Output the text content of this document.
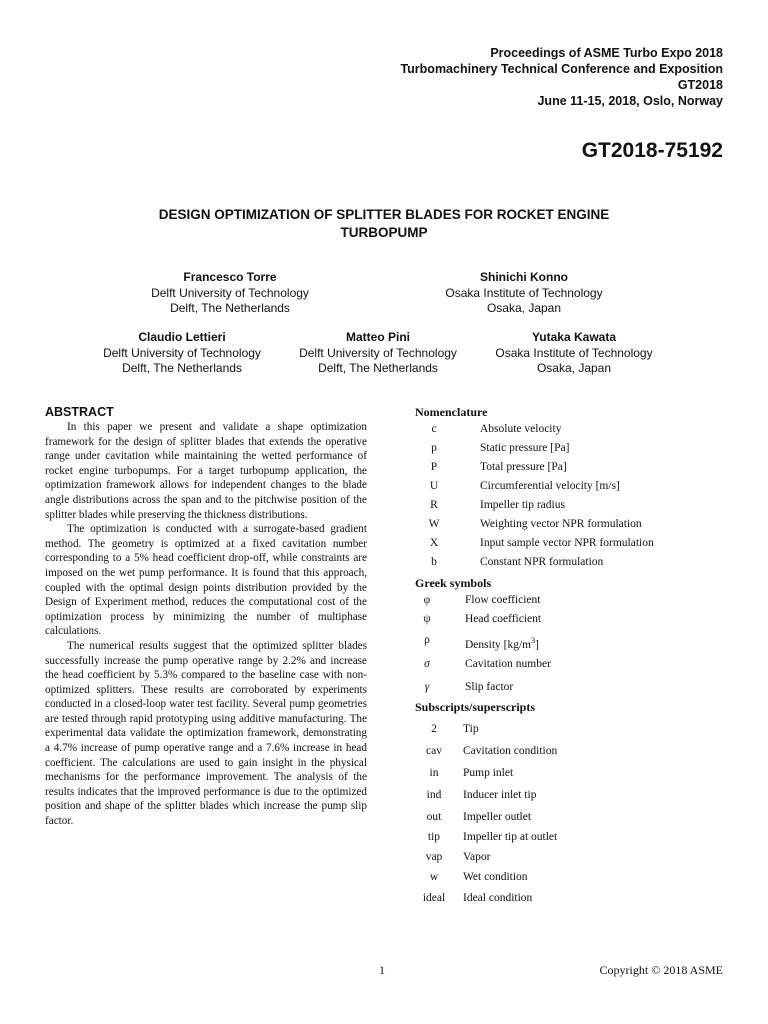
Proceedings of ASME Turbo Expo 2018
Turbomachinery Technical Conference and Exposition
GT2018
June 11-15, 2018, Oslo, Norway
GT2018-75192
DESIGN OPTIMIZATION OF SPLITTER BLADES FOR ROCKET ENGINE
TURBOPUMP
Francesco Torre
Delft University of Technology
Delft, The Netherlands
Shinichi Konno
Osaka Institute of Technology
Osaka, Japan
Claudio Lettieri
Delft University of Technology
Delft, The Netherlands
Matteo Pini
Delft University of Technology
Delft, The Netherlands
Yutaka Kawata
Osaka Institute of Technology
Osaka, Japan
ABSTRACT

In this paper we present and validate a shape optimization framework for the design of splitter blades that extends the operative range under cavitation while maintaining the wetted performance of rocket engine turbopumps. For a target turbopump application, the optimization framework allows for independent changes to the blade angle distributions across the span and to the pitchwise position of the splitter blades while preserving the thickness distributions.

The optimization is conducted with a surrogate-based gradient method. The geometry is optimized at a fixed cavitation number corresponding to a 5% head coefficient drop-off, while constraints are imposed on the wet pump performance. It is found that this approach, coupled with the optimal design points distribution provided by the Design of Experiment method, reduces the computational cost of the optimization process by minimizing the number of multiphase calculations.

The numerical results suggest that the optimized splitter blades successfully increase the pump operative range by 2.2% and increase the head coefficient by 5.3% compared to the baseline case with non-optimized splitters. These results are corroborated by experiments conducted in a closed-loop water test facility. Several pump geometries are tested through rapid prototyping using additive manufacturing. The experimental data validate the optimization framework, demonstrating a 4.7% increase of pump operative range and a 7.6% increase in head coefficient. The calculations are used to gain insight in the physical mechanisms for the performance improvement. The analysis of the results indicates that the improved performance is due to the optimized position and shape of the splitter blades which increase the pump slip factor.

Nomenclature
c	Absolute velocity
p	Static pressure [Pa]
P	Total pressure [Pa]
U	Circumferential velocity [m/s]
R	Impeller tip radius
W	Weighting vector NPR formulation
X	Input sample vector NPR formulation
b	Constant NPR formulation
Greek symbols
φ	Flow coefficient
ψ	Head coefficient
ρ	Density $[kg/m^3]$
σ	Cavitation number
γ	Slip factor
Subscripts/superscripts
2	Tip
cav	Cavitation condition
in	Pump inlet
ind	Inducer inlet tip
out	Impeller outlet
tip	Impeller tip at outlet
vap	Vapor
w	Wet condition
ideal	Ideal condition
1	Copyright © 2018 ASME
